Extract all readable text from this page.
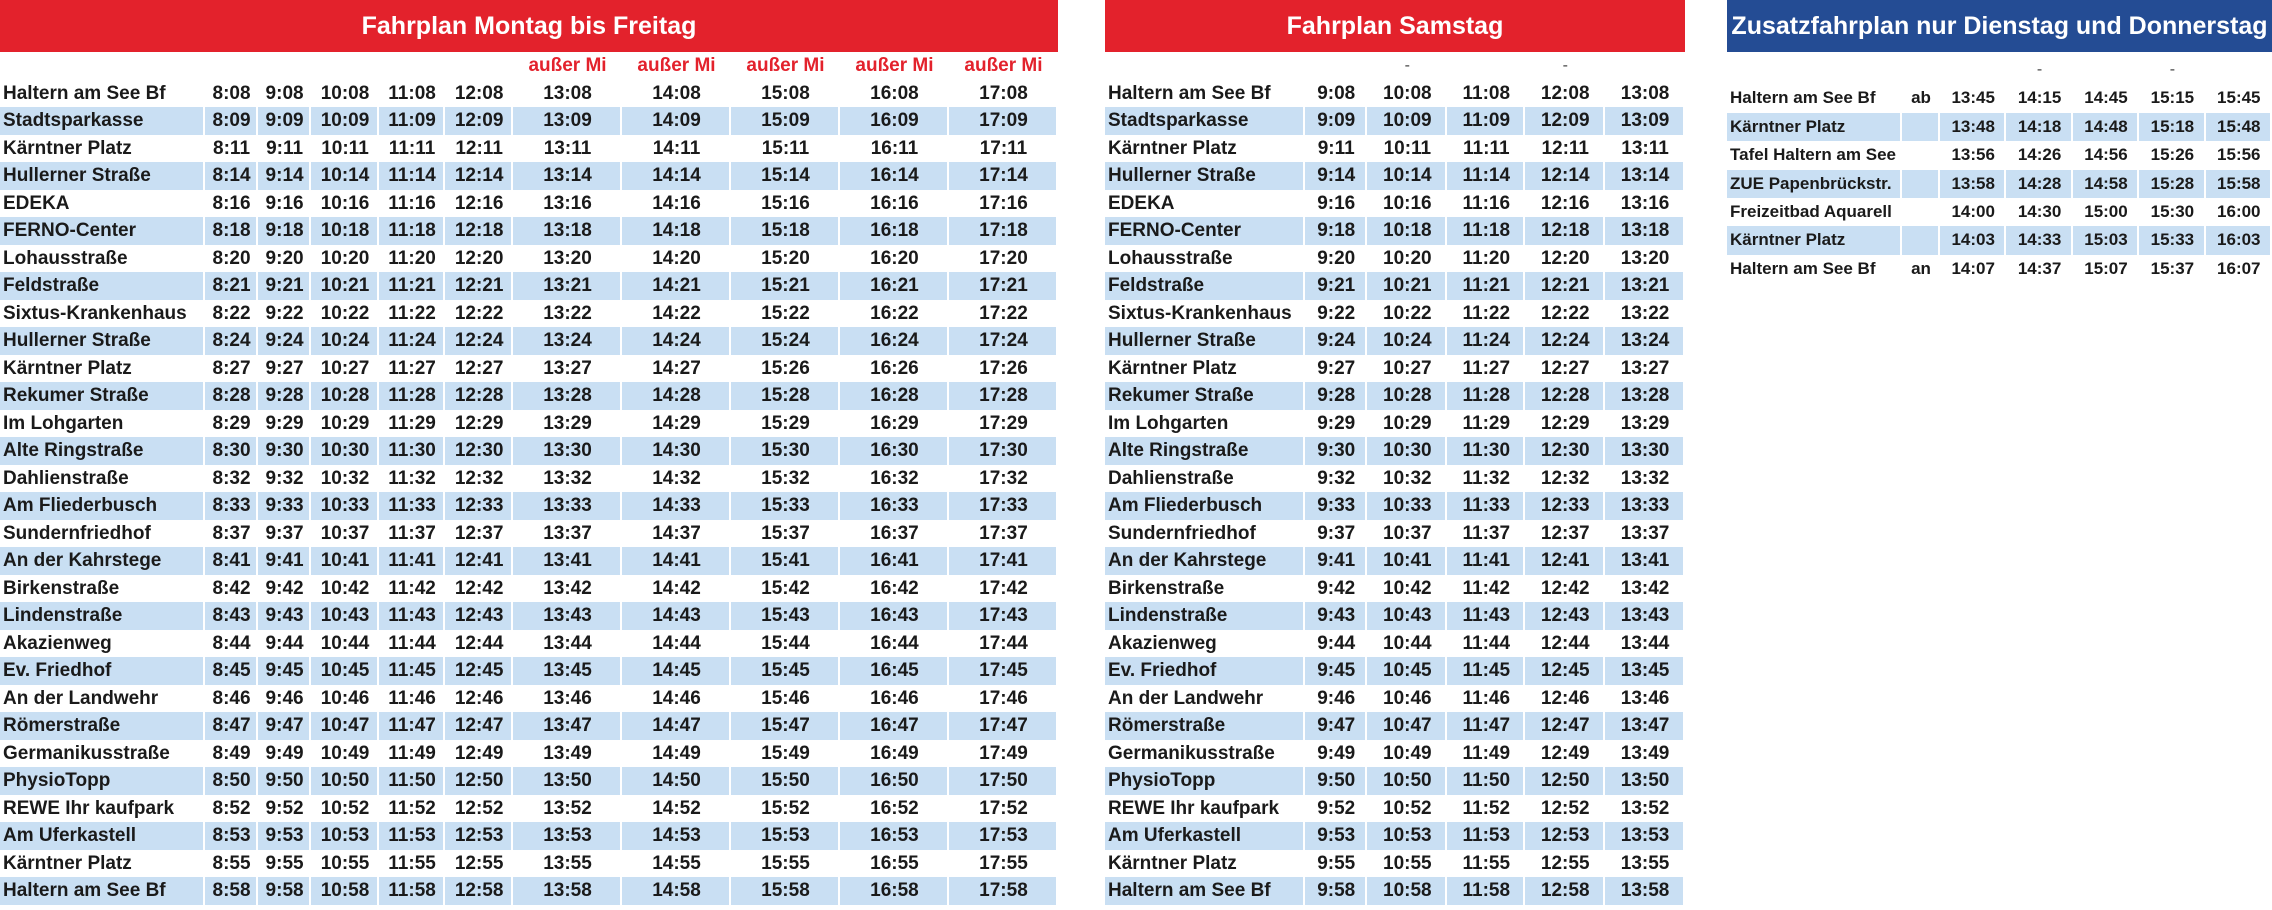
Fahrplan Montag bis Freitag
						außer Mi	außer Mi	außer Mi	außer Mi	außer Mi
Haltern am See Bf	8:08	9:08	10:08	11:08	12:08	13:08	14:08	15:08	16:08	17:08
Stadtsparkasse	8:09	9:09	10:09	11:09	12:09	13:09	14:09	15:09	16:09	17:09
Kärntner Platz	8:11	9:11	10:11	11:11	12:11	13:11	14:11	15:11	16:11	17:11
Hullerner Straße	8:14	9:14	10:14	11:14	12:14	13:14	14:14	15:14	16:14	17:14
EDEKA	8:16	9:16	10:16	11:16	12:16	13:16	14:16	15:16	16:16	17:16
FERNO-Center	8:18	9:18	10:18	11:18	12:18	13:18	14:18	15:18	16:18	17:18
Lohausstraße	8:20	9:20	10:20	11:20	12:20	13:20	14:20	15:20	16:20	17:20
Feldstraße	8:21	9:21	10:21	11:21	12:21	13:21	14:21	15:21	16:21	17:21
Sixtus-Krankenhaus	8:22	9:22	10:22	11:22	12:22	13:22	14:22	15:22	16:22	17:22
Hullerner Straße	8:24	9:24	10:24	11:24	12:24	13:24	14:24	15:24	16:24	17:24
Kärntner Platz	8:27	9:27	10:27	11:27	12:27	13:27	14:27	15:26	16:26	17:26
Rekumer Straße	8:28	9:28	10:28	11:28	12:28	13:28	14:28	15:28	16:28	17:28
Im Lohgarten	8:29	9:29	10:29	11:29	12:29	13:29	14:29	15:29	16:29	17:29
Alte Ringstraße	8:30	9:30	10:30	11:30	12:30	13:30	14:30	15:30	16:30	17:30
Dahlienstraße	8:32	9:32	10:32	11:32	12:32	13:32	14:32	15:32	16:32	17:32
Am Fliederbusch	8:33	9:33	10:33	11:33	12:33	13:33	14:33	15:33	16:33	17:33
Sundernfriedhof	8:37	9:37	10:37	11:37	12:37	13:37	14:37	15:37	16:37	17:37
An der Kahrstege	8:41	9:41	10:41	11:41	12:41	13:41	14:41	15:41	16:41	17:41
Birkenstraße	8:42	9:42	10:42	11:42	12:42	13:42	14:42	15:42	16:42	17:42
Lindenstraße	8:43	9:43	10:43	11:43	12:43	13:43	14:43	15:43	16:43	17:43
Akazienweg	8:44	9:44	10:44	11:44	12:44	13:44	14:44	15:44	16:44	17:44
Ev. Friedhof	8:45	9:45	10:45	11:45	12:45	13:45	14:45	15:45	16:45	17:45
An der Landwehr	8:46	9:46	10:46	11:46	12:46	13:46	14:46	15:46	16:46	17:46
Römerstraße	8:47	9:47	10:47	11:47	12:47	13:47	14:47	15:47	16:47	17:47
Germanikusstraße	8:49	9:49	10:49	11:49	12:49	13:49	14:49	15:49	16:49	17:49
PhysioTopp	8:50	9:50	10:50	11:50	12:50	13:50	14:50	15:50	16:50	17:50
REWE Ihr kaufpark	8:52	9:52	10:52	11:52	12:52	13:52	14:52	15:52	16:52	17:52
Am Uferkastell	8:53	9:53	10:53	11:53	12:53	13:53	14:53	15:53	16:53	17:53
Kärntner Platz	8:55	9:55	10:55	11:55	12:55	13:55	14:55	15:55	16:55	17:55
Haltern am See Bf	8:58	9:58	10:58	11:58	12:58	13:58	14:58	15:58	16:58	17:58
Fahrplan Samstag
		-		-	
Haltern am See Bf	9:08	10:08	11:08	12:08	13:08
Stadtsparkasse	9:09	10:09	11:09	12:09	13:09
Kärntner Platz	9:11	10:11	11:11	12:11	13:11
Hullerner Straße	9:14	10:14	11:14	12:14	13:14
EDEKA	9:16	10:16	11:16	12:16	13:16
FERNO-Center	9:18	10:18	11:18	12:18	13:18
Lohausstraße	9:20	10:20	11:20	12:20	13:20
Feldstraße	9:21	10:21	11:21	12:21	13:21
Sixtus-Krankenhaus	9:22	10:22	11:22	12:22	13:22
Hullerner Straße	9:24	10:24	11:24	12:24	13:24
Kärntner Platz	9:27	10:27	11:27	12:27	13:27
Rekumer Straße	9:28	10:28	11:28	12:28	13:28
Im Lohgarten	9:29	10:29	11:29	12:29	13:29
Alte Ringstraße	9:30	10:30	11:30	12:30	13:30
Dahlienstraße	9:32	10:32	11:32	12:32	13:32
Am Fliederbusch	9:33	10:33	11:33	12:33	13:33
Sundernfriedhof	9:37	10:37	11:37	12:37	13:37
An der Kahrstege	9:41	10:41	11:41	12:41	13:41
Birkenstraße	9:42	10:42	11:42	12:42	13:42
Lindenstraße	9:43	10:43	11:43	12:43	13:43
Akazienweg	9:44	10:44	11:44	12:44	13:44
Ev. Friedhof	9:45	10:45	11:45	12:45	13:45
An der Landwehr	9:46	10:46	11:46	12:46	13:46
Römerstraße	9:47	10:47	11:47	12:47	13:47
Germanikusstraße	9:49	10:49	11:49	12:49	13:49
PhysioTopp	9:50	10:50	11:50	12:50	13:50
REWE Ihr kaufpark	9:52	10:52	11:52	12:52	13:52
Am Uferkastell	9:53	10:53	11:53	12:53	13:53
Kärntner Platz	9:55	10:55	11:55	12:55	13:55
Haltern am See Bf	9:58	10:58	11:58	12:58	13:58
Zusatzfahrplan nur Dienstag und Donnerstag
			-		-	
Haltern am See Bf	ab	13:45	14:15	14:45	15:15	15:45
Kärntner Platz		13:48	14:18	14:48	15:18	15:48
Tafel Haltern am See		13:56	14:26	14:56	15:26	15:56
ZUE Papenbrückstr.		13:58	14:28	14:58	15:28	15:58
Freizeitbad Aquarell		14:00	14:30	15:00	15:30	16:00
Kärntner Platz		14:03	14:33	15:03	15:33	16:03
Haltern am See Bf	an	14:07	14:37	15:07	15:37	16:07
